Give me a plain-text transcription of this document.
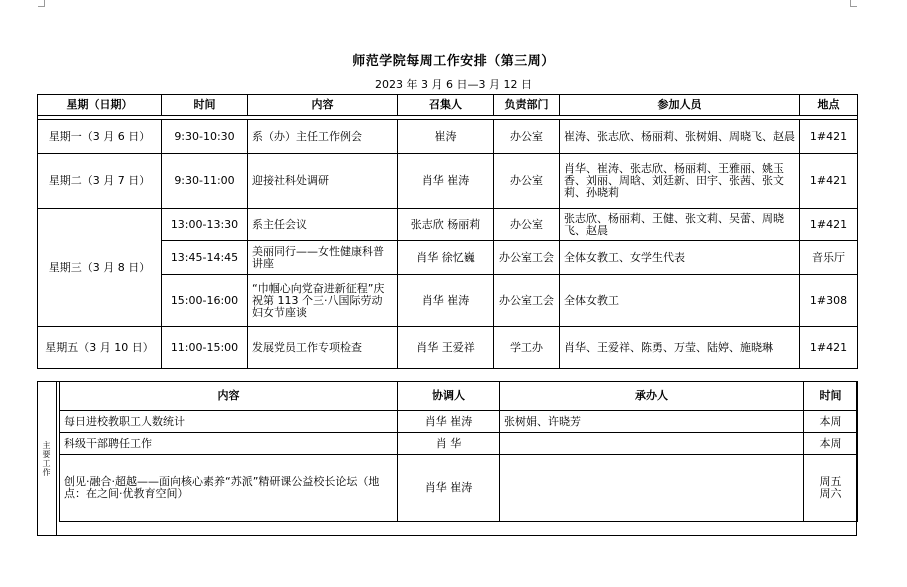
师范学院每周工作安排（第三周）
2023 年 3 月 6 日—3 月 12 日
星期（日期）	时间	内容	召集人	负责部门	参加人员	地点

星期一（3 月 6 日）	9:30-10:30	系（办）主任工作例会	崔涛	办公室	崔涛、张志欣、杨丽莉、张树娟、周晓飞、赵晨	1#421
星期二（3 月 7 日）	9:30-11:00	迎接社科处调研	肖华 崔涛	办公室	肖华、崔涛、张志欣、杨丽莉、王雅丽、姚玉香、刘丽、周晗、刘廷新、田宇、张茜、张文莉、孙晓莉	1#421
星期三（3 月 8 日）	13:00-13:30	系主任会议	张志欣 杨丽莉	办公室	张志欣、杨丽莉、王健、张文莉、吴蕾、周晓飞、赵晨	1#421
	13:45-14:45	美丽同行——女性健康科普讲座	肖华 徐忆巍	办公室工会	全体女教工、女学生代表	音乐厅
	15:00-16:00	“巾帼心向党奋进新征程”庆祝第 113 个三·八国际劳动妇女节座谈	肖华 崔涛	办公室工会	全体女教工	1#308
星期五（3 月 10 日）	11:00-15:00	发展党员工作专项检查	肖华 王爱祥	学工办	肖华、王爱祥、陈勇、万莹、陆婷、施晓琳	1#421
主要工作
内容	协调人	承办人	时间
每日进校教职工人数统计	肖华 崔涛	张树娟、许晓芳	本周
科级干部聘任工作	肖 华		本周
创见·融合·超越——面向核心素养“苏派”精研课公益校长论坛（地点：在之间·优教育空间）	肖华 崔涛		周五
周六
